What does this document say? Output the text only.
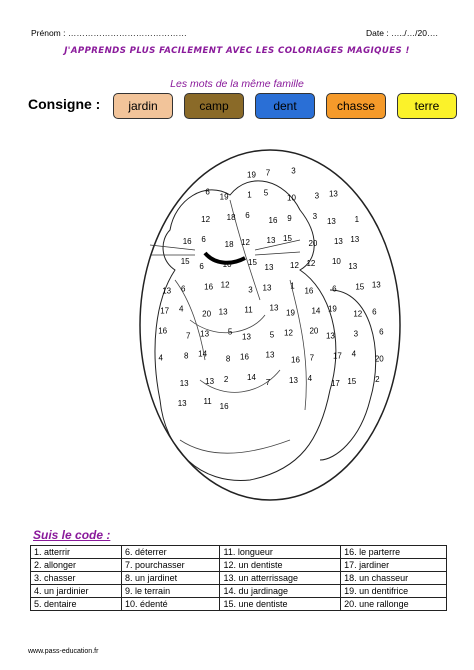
Prénom : ……………………………………	Date : …../…/20….
J'APPRENDS PLUS FACILEMENT AVEC LES COLORIAGES MAGIQUES !
Les mots de la même famille
Consigne : jardin	camp	dent	chasse	terre
19 7	3
6
19 1 5
10 3 13
12 18 6
16 9	3
13 1
16 6
18 12 13 15
20 13 13
15
6 10 15
13 12 12 10
13
13 6 16 12
3 13 1
16 6 15 13
17 4
20 13 11 13
19 14 19
12 6
16
7 13 5
13 5 12 20
13 3	6
4	8 14
8 16 13
16 7 17 4
20
13 13 2 14
7 13 4
17 15 2
13 11
16
Suis le code :
1. atterrir	6. déterrer	11. longueur	16. le parterre
2. allonger	7. pourchasser	12. un dentiste	17. jardiner
3. chasser	8. un jardinet	13. un atterrissage	18. un chasseur
4. un jardinier	9. le terrain	14. du jardinage	19. un dentifrice
5. dentaire	10. édenté	15. une dentiste	20. une rallonge
www.pass-education.fr
